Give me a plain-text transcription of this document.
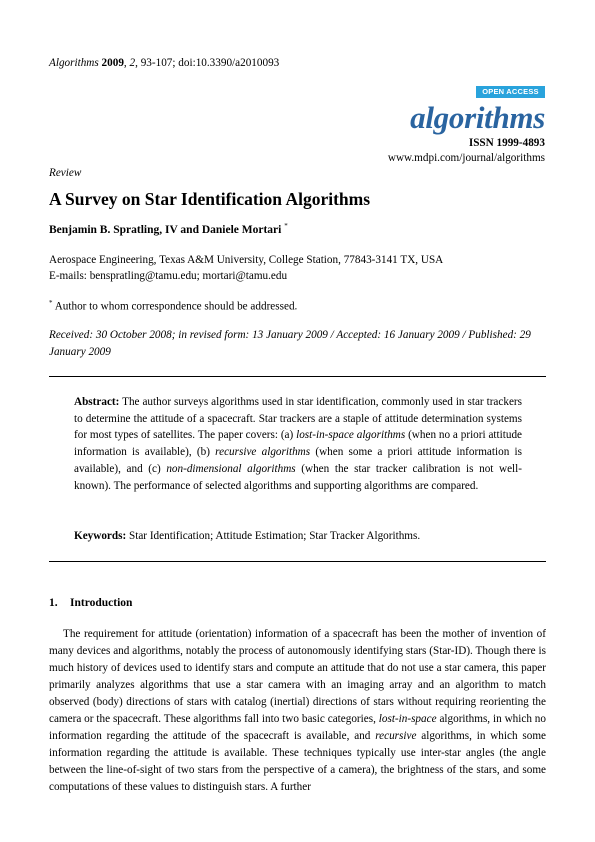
Algorithms 2009, 2, 93-107; doi:10.3390/a2010093
OPEN ACCESS
algorithms
ISSN 1999-4893
www.mdpi.com/journal/algorithms
Review
A Survey on Star Identification Algorithms
Benjamin B. Spratling, IV and Daniele Mortari *
Aerospace Engineering, Texas A&M University, College Station, 77843-3141 TX, USA
E-mails: benspratling@tamu.edu; mortari@tamu.edu
* Author to whom correspondence should be addressed.
Received: 30 October 2008; in revised form: 13 January 2009 / Accepted: 16 January 2009 / Published: 29 January 2009
Abstract: The author surveys algorithms used in star identification, commonly used in star trackers to determine the attitude of a spacecraft. Star trackers are a staple of attitude determination systems for most types of satellites. The paper covers: (a) lost-in-space algorithms (when no a priori attitude information is available), (b) recursive algorithms (when some a priori attitude information is available), and (c) non-dimensional algorithms (when the star tracker calibration is not well-known). The performance of selected algorithms and supporting algorithms are compared.
Keywords: Star Identification; Attitude Estimation; Star Tracker Algorithms.
1. Introduction
The requirement for attitude (orientation) information of a spacecraft has been the mother of invention of many devices and algorithms, notably the process of autonomously identifying stars (Star-ID). Though there is much history of devices used to identify stars and compute an attitude that do not use a star camera, this paper primarily analyzes algorithms that use a star camera with an imaging array and an algorithm to match observed (body) directions of stars with catalog (inertial) directions of stars without requiring reorienting the camera or the spacecraft. These algorithms fall into two basic categories, lost-in-space algorithms, in which no information regarding the attitude of the spacecraft is available, and recursive algorithms, in which some information regarding the attitude is available. These techniques typically use inter-star angles (the angle between the line-of-sight of two stars from the perspective of a camera), the brightness of the stars, and some computations of these values to distinguish stars. A further
